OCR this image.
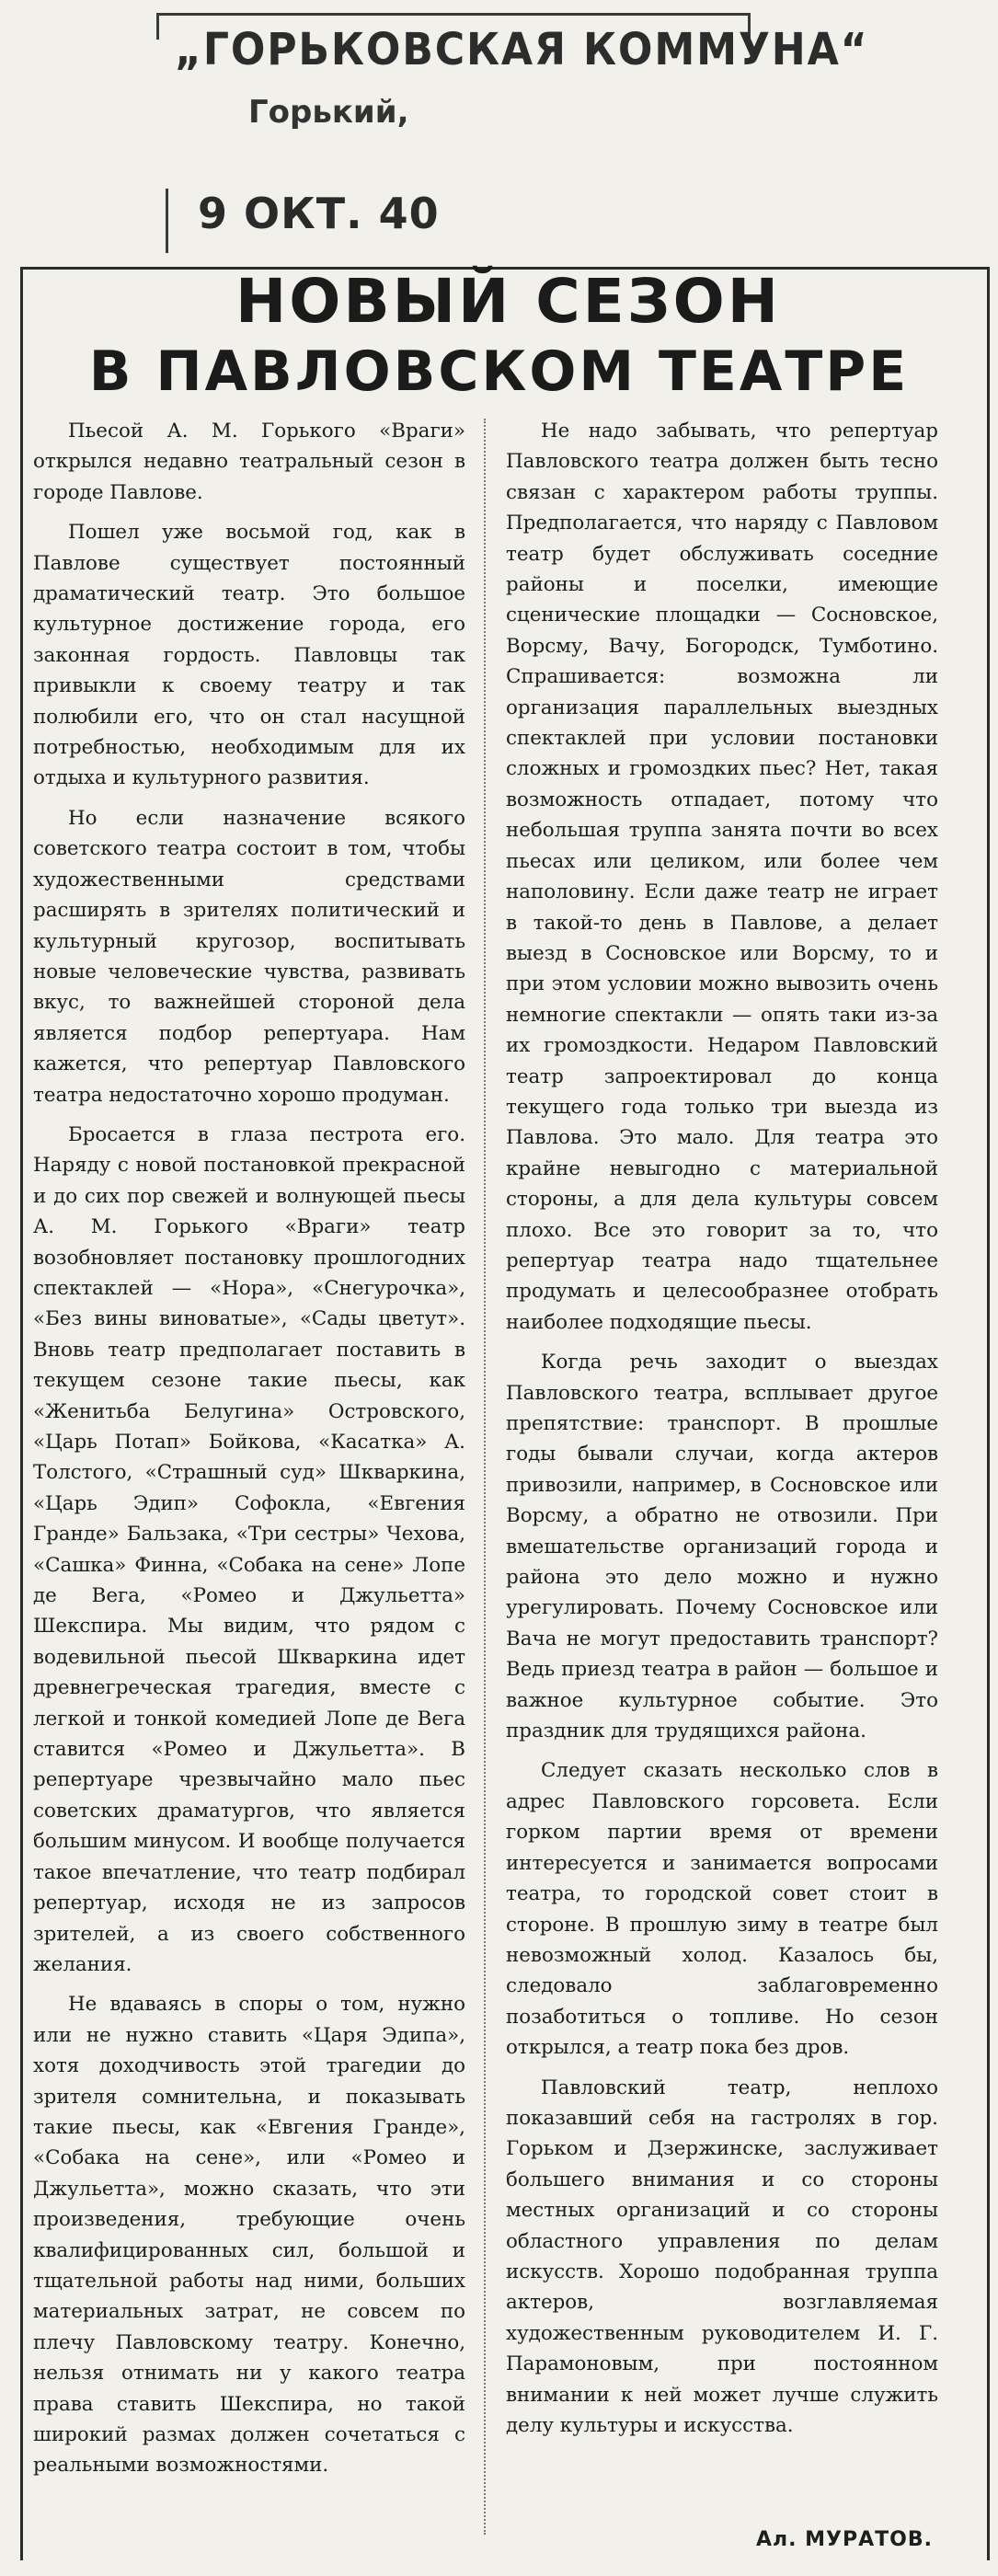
„ГОРЬКОВСКАЯ КОММУНА“
Горький,
9 ОКТ. 40
НОВЫЙ СЕЗОН
В ПАВЛОВСКОМ ТЕАТРЕ

Пьесой А. М. Горького «Враги» открылся недавно театральный сезон в городе Павлове.

Пошел уже восьмой год, как в Павлове существует постоянный драматический театр. Это большое культурное достижение города, его законная гордость. Павловцы так привыкли к своему театру и так полюбили его, что он стал насущной потребностью, необходимым для их отдыха и культурного развития.

Но если назначение всякого советского театра состоит в том, чтобы художественными средствами расширять в зрителях политический и культурный кругозор, воспитывать новые человеческие чувства, развивать вкус, то важнейшей стороной дела является подбор репертуара. Нам кажется, что репертуар Павловского театра недостаточно хорошо продуман.

Бросается в глаза пестрота его. Наряду с новой постановкой прекрасной и до сих пор свежей и волнующей пьесы А. М. Горького «Враги» театр возобновляет постановку прошлогодних спектаклей — «Нора», «Снегурочка», «Без вины виноватые», «Сады цветут». Вновь театр предполагает поставить в текущем сезоне такие пьесы, как «Женитьба Белугина» Островского, «Царь Потап» Бойкова, «Касатка» А. Толстого, «Страшный суд» Шкваркина, «Царь Эдип» Софокла, «Евгения Гранде» Бальзака, «Три сестры» Чехова, «Сашка» Финна, «Собака на сене» Лопе де Вега, «Ромео и Джульетта» Шекспира. Мы видим, что рядом с водевильной пьесой Шкваркина идет древнегреческая трагедия, вместе с легкой и тонкой комедией Лопе де Вега ставится «Ромео и Джульетта». В репертуаре чрезвычайно мало пьес советских драматургов, что является большим минусом. И вообще получается такое впечатление, что театр подбирал репертуар, исходя не из запросов зрителей, а из своего собственного желания.

Не вдаваясь в споры о том, нужно или не нужно ставить «Царя Эдипа», хотя доходчивость этой трагедии до зрителя сомнительна, и показывать такие пьесы, как «Евгения Гранде», «Собака на сене», или «Ромео и Джульетта», можно сказать, что эти произведения, требующие очень квалифицированных сил, большой и тщательной работы над ними, больших материальных затрат, не совсем по плечу Павловскому театру. Конечно, нельзя отнимать ни у какого театра права ставить Шекспира, но такой широкий размах должен сочетаться с реальными возможностями.

Не надо забывать, что репертуар Павловского театра должен быть тесно связан с характером работы труппы. Предполагается, что наряду с Павловом театр будет обслуживать соседние районы и поселки, имеющие сценические площадки — Сосновское, Ворсму, Вачу, Богородск, Тумботино. Спрашивается: возможна ли организация параллельных выездных спектаклей при условии постановки сложных и громоздких пьес? Нет, такая возможность отпадает, потому что небольшая труппа занята почти во всех пьесах или целиком, или более чем наполовину. Если даже театр не играет в такой-то день в Павлове, а делает выезд в Сосновское или Ворсму, то и при этом условии можно вывозить очень немногие спектакли — опять таки из-за их громоздкости. Недаром Павловский театр запроектировал до конца текущего года только три выезда из Павлова. Это мало. Для театра это крайне невыгодно с материальной стороны, а для дела культуры совсем плохо. Все это говорит за то, что репертуар театра надо тщательнее продумать и целесообразнее отобрать наиболее подходящие пьесы.

Когда речь заходит о выездах Павловского театра, всплывает другое препятствие: транспорт. В прошлые годы бывали случаи, когда актеров привозили, например, в Сосновское или Ворсму, а обратно не отвозили. При вмешательстве организаций города и района это дело можно и нужно урегулировать. Почему Сосновское или Вача не могут предоставить транспорт? Ведь приезд театра в район — большое и важное культурное событие. Это праздник для трудящихся района.

Следует сказать несколько слов в адрес Павловского горсовета. Если горком партии время от времени интересуется и занимается вопросами театра, то городской совет стоит в стороне. В прошлую зиму в театре был невозможный холод. Казалось бы, следовало заблаговременно позаботиться о топливе. Но сезон открылся, а театр пока без дров.

Павловский театр, неплохо показавший себя на гастролях в гор. Горьком и Дзержинске, заслуживает большего внимания и со стороны местных организаций и со стороны областного управления по делам искусств. Хорошо подобранная труппа актеров, возглавляемая художественным руководителем И. Г. Парамоновым, при постоянном внимании к ней может лучше служить делу культуры и искусства.

Ал. МУРАТОВ.
